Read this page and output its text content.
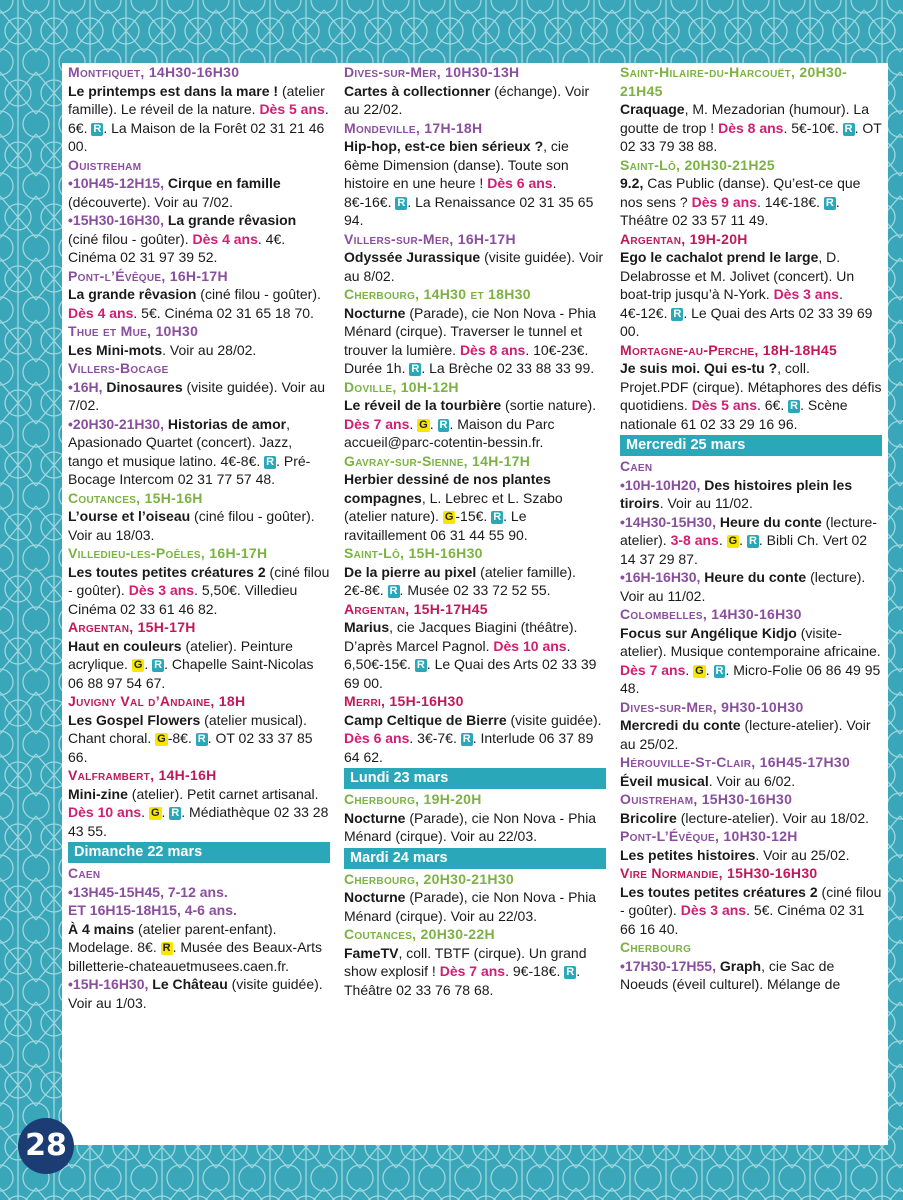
Montfiquet, 14H30-16H30
Le printemps est dans la mare ! (atelier famille). Le réveil de la nature. Dès 5 ans. 6€. R . La Maison de la Forêt 02 31 21 46 00.
Ouistreham
•10H45-12H15, Cirque en famille (découverte). Voir au 7/02.
•15H30-16H30, La grande rêvasion (ciné filou - goûter). Dès 4 ans. 4€. Cinéma 02 31 97 39 52.
Pont-l’Évêque, 16H-17H
La grande rêvasion (ciné filou - goûter). Dès 4 ans. 5€. Cinéma 02 31 65 18 70.
Thue et Mue, 10H30
Les Mini-mots. Voir au 28/02.
Villers-Bocage
•16H, Dinosaures (visite guidée). Voir au 7/02.
•20H30-21H30, Historias de amor, Apasionado Quartet (concert). Jazz, tango et musique latino. 4€-8€. R . Pré-Bocage Intercom 02 31 77 57 48.
Coutances, 15H-16H
L’ourse et l’oiseau (ciné filou - goûter). Voir au 18/03.
Villedieu-les-Poêles, 16H-17H
Les toutes petites créatures 2 (ciné filou - goûter). Dès 3 ans. 5,50€. Villedieu Cinéma 02 33 61 46 82.
Argentan, 15H-17H
Haut en couleurs (atelier). Peinture acrylique. G . R . Chapelle Saint-Nicolas 06 88 97 54 67.
Juvigny Val d’Andaine, 18H
Les Gospel Flowers (atelier musical). Chant choral. G -8€. R . OT 02 33 37 85 66.
Valframbert, 14H-16H
Mini-zine (atelier). Petit carnet artisanal. Dès 10 ans. G . R . Médiathèque 02 33 28 43 55.
Dimanche 22 mars
Caen
•13H45-15H45, 7-12 ans.
ET 16H15-18H15, 4-6 ans.
À 4 mains (atelier parent-enfant). Modelage. 8€. R . Musée des Beaux-Arts billetterie-chateauetmusees.caen.fr.
•15H-16H30, Le Château (visite guidée). Voir au 1/03.
Dives-sur-Mer, 10H30-13H
Cartes à collectionner (échange). Voir au 22/02.
Mondeville, 17H-18H
Hip-hop, est-ce bien sérieux ?, cie 6ème Dimension (danse). Toute son histoire en une heure ! Dès 6 ans. 8€-16€. R . La Renaissance 02 31 35 65 94.
Villers-sur-Mer, 16H-17H
Odyssée Jurassique (visite guidée). Voir au 8/02.
Cherbourg, 14H30 et 18H30
Nocturne (Parade), cie Non Nova - Phia Ménard (cirque). Traverser le tunnel et trouver la lumière. Dès 8 ans. 10€-23€. Durée 1h. R . La Brèche 02 33 88 33 99.
Doville, 10H-12H
Le réveil de la tourbière (sortie nature). Dès 7 ans. G . R . Maison du Parc accueil@parc-cotentin-bessin.fr.
Gavray-sur-Sienne, 14H-17H
Herbier dessiné de nos plantes compagnes, L. Lebrec et L. Szabo (atelier nature). G -15€. R . Le ravitaillement 06 31 44 55 90.
Saint-Lô, 15H-16H30
De la pierre au pixel (atelier famille). 2€-8€. R . Musée 02 33 72 52 55.
Argentan, 15H-17H45
Marius, cie Jacques Biagini (théâtre). D’après Marcel Pagnol. Dès 10 ans. 6,50€-15€. R . Le Quai des Arts 02 33 39 69 00.
Merri, 15H-16H30
Camp Celtique de Bierre (visite guidée). Dès 6 ans. 3€-7€. R . Interlude 06 37 89 64 62.
Lundi 23 mars
Cherbourg, 19H-20H
Nocturne (Parade), cie Non Nova - Phia Ménard (cirque). Voir au 22/03.
Mardi 24 mars
Cherbourg, 20H30-21H30
Nocturne (Parade), cie Non Nova - Phia Ménard (cirque). Voir au 22/03.
Coutances, 20H30-22H
FameTV, coll. TBTF (cirque). Un grand show explosif ! Dès 7 ans. 9€-18€. R . Théâtre 02 33 76 78 68.
Saint-Hilaire-du-Harcouët, 20H30-21H45
Craquage, M. Mezadorian (humour). La goutte de trop ! Dès 8 ans. 5€-10€. R . OT 02 33 79 38 88.
Saint-Lô, 20H30-21H25
9.2, Cas Public (danse). Qu’est-ce que nos sens ? Dès 9 ans. 14€-18€. R . Théâtre 02 33 57 11 49.
Argentan, 19H-20H
Ego le cachalot prend le large, D. Delabrosse et M. Jolivet (concert). Un boat-trip jusqu’à N-York. Dès 3 ans. 4€-12€. R . Le Quai des Arts 02 33 39 69 00.
Mortagne-au-Perche, 18H-18H45
Je suis moi. Qui es-tu ?, coll. Projet.PDF (cirque). Métaphores des défis quotidiens. Dès 5 ans. 6€. R . Scène nationale 61 02 33 29 16 96.
Mercredi 25 mars
Caen
•10H-10H20, Des histoires plein les tiroirs. Voir au 11/02.
•14H30-15H30, Heure du conte (lecture-atelier). 3-8 ans. G . R . Bibli Ch. Vert 02 14 37 29 87.
•16H-16H30, Heure du conte (lecture). Voir au 11/02.
Colombelles, 14H30-16H30
Focus sur Angélique Kidjo (visite-atelier). Musique contemporaine africaine. Dès 7 ans. G . R . Micro-Folie 06 86 49 95 48.
Dives-sur-Mer, 9H30-10H30
Mercredi du conte (lecture-atelier). Voir au 25/02.
Hérouville-St-Clair, 16H45-17H30
Éveil musical. Voir au 6/02.
Ouistreham, 15H30-16H30
Bricolire (lecture-atelier). Voir au 18/02.
Pont-L’Évêque, 10H30-12H
Les petites histoires. Voir au 25/02.
Vire Normandie, 15H30-16H30
Les toutes petites créatures 2 (ciné filou - goûter). Dès 3 ans. 5€. Cinéma 02 31 66 16 40.
Cherbourg
•17H30-17H55, Graph, cie Sac de Noeuds (éveil culturel). Mélange de
28
